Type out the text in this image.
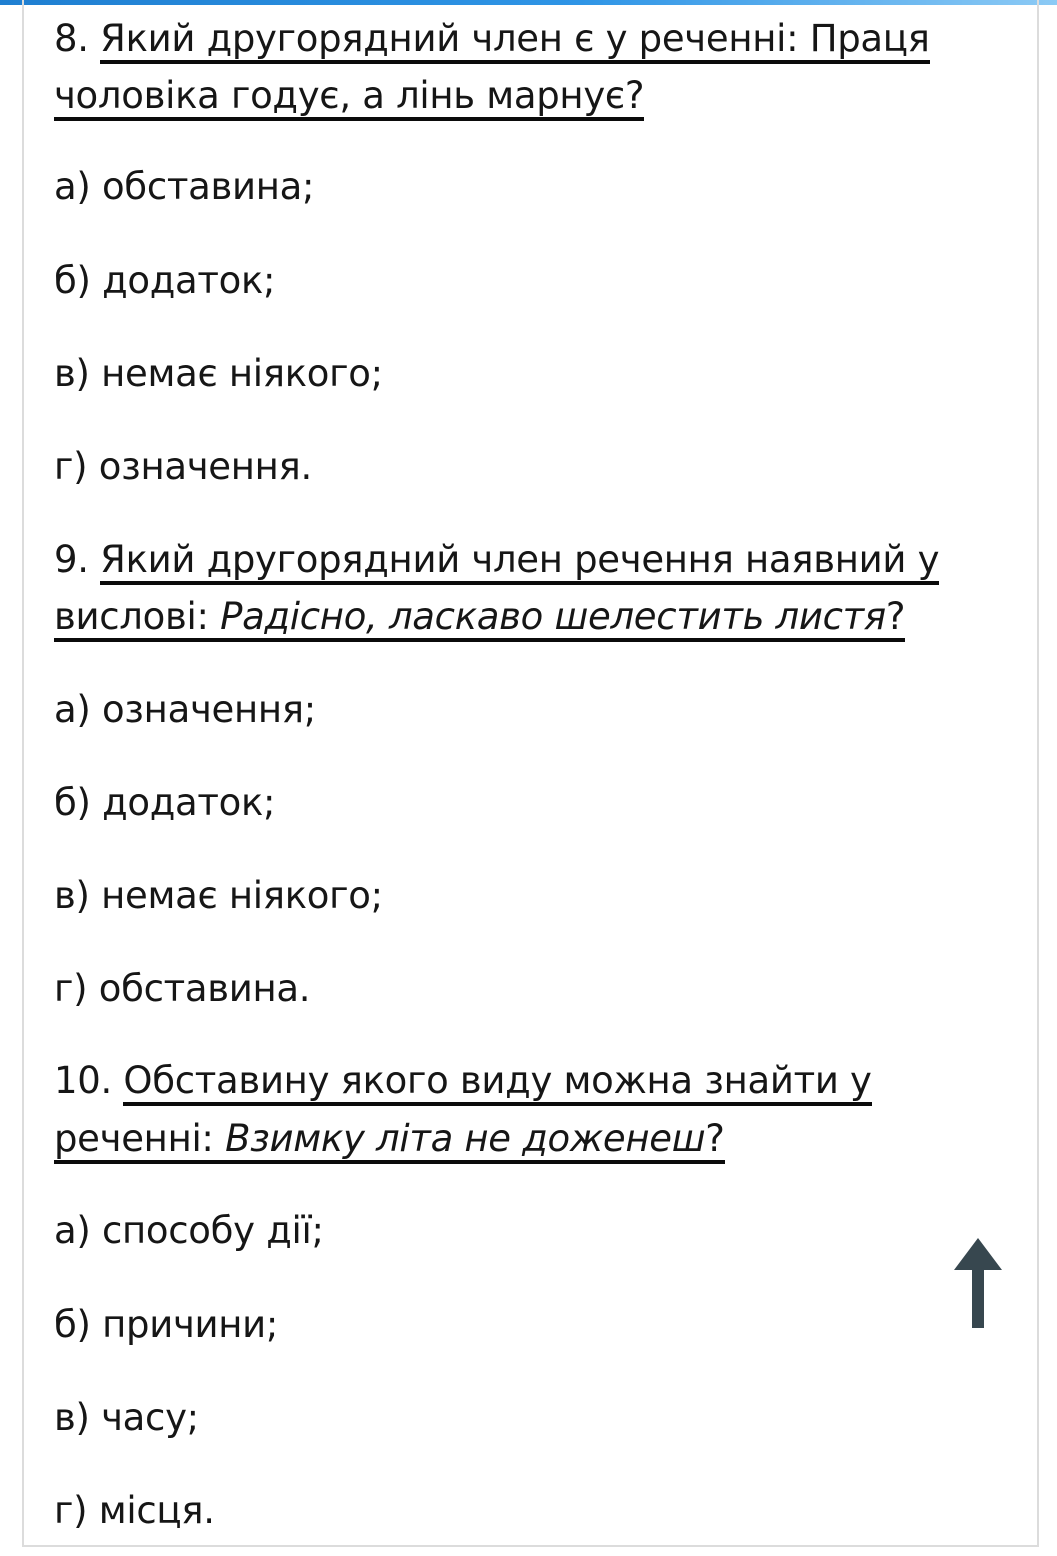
8. Який другорядний член є у реченні: Праця
чоловіка годує, а лінь марнує?
а) обставина;
б) додаток;
в) немає ніякого;
г) означення.
9. Який другорядний член речення наявний у
вислові: Радісно, ласкаво шелестить листя?
а) означення;
б) додаток;
в) немає ніякого;
г) обставина.
10. Обставину якого виду можна знайти у
реченні: Взимку літа не доженеш?
а) способу дії;
б) причини;
в) часу;
г) місця.
